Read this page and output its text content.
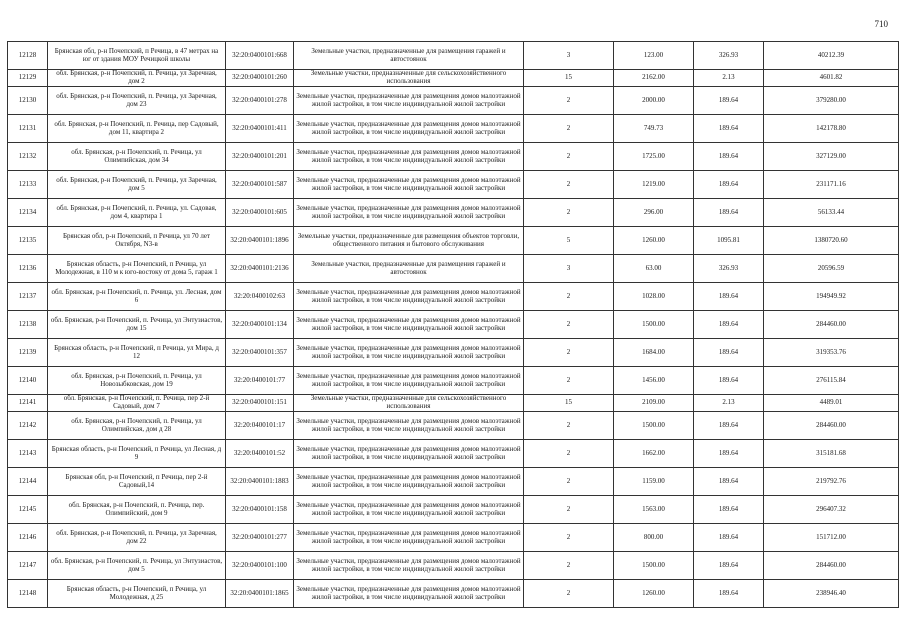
710
12128	Брянская обл, р-н Почепский, п Речица, в 47 метрах на юг от здания МОУ Речицкой школы	32:20:0400101:668	Земельные участки, предназначенные для размещения гаражей и автостоянок	3	123.00	326.93	40212.39
12129	обл. Брянская, р-н Почепский, п. Речица, ул Заречная, дом 2	32:20:0400101:260	Земельные участки, предназначенные для сельскохозяйственного использования	15	2162.00	2.13	4601.82
12130	обл. Брянская, р-н Почепский, п. Речица, ул Заречная, дом 23	32:20:0400101:278	Земельные участки, предназначенные для размещения домов малоэтажной жилой застройки, в том числе индивидуальной жилой застройки	2	2000.00	189.64	379280.00
12131	обл. Брянская, р-н Почепский, п. Речица, пер Садовый, дом 11, квартира 2	32:20:0400101:411	Земельные участки, предназначенные для размещения домов малоэтажной жилой застройки, в том числе индивидуальной жилой застройки	2	749.73	189.64	142178.80
12132	обл. Брянская, р-н Почепский, п. Речица, ул Олимпийская, дом 34	32:20:0400101:201	Земельные участки, предназначенные для размещения домов малоэтажной жилой застройки, в том числе индивидуальной жилой застройки	2	1725.00	189.64	327129.00
12133	обл. Брянская, р-н Почепский, п. Речица, ул Заречная, дом 5	32:20:0400101:587	Земельные участки, предназначенные для размещения домов малоэтажной жилой застройки, в том числе индивидуальной жилой застройки	2	1219.00	189.64	231171.16
12134	обл. Брянская, р-н Почепский, п. Речица, ул. Садовая, дом 4, квартира 1	32:20:0400101:605	Земельные участки, предназначенные для размещения домов малоэтажной жилой застройки, в том числе индивидуальной жилой застройки	2	296.00	189.64	56133.44
12135	Брянская обл, р-н Почепский, п Речица, ул 70 лет Октября, N3-в	32:20:0400101:1896	Земельные участки, предназначенные для размещения объектов торговли, общественного питания и бытового обслуживания	5	1260.00	1095.81	1380720.60
12136	Брянская область, р-н Почепский, п Речица, ул Молодежная, в 110 м к юго-востоку от дома 5, гараж 1	32:20:0400101:2136	Земельные участки, предназначенные для размещения гаражей и автостоянок	3	63.00	326.93	20596.59
12137	обл. Брянская, р-н Почепский, п. Речица, ул. Лесная, дом 6	32:20:0400102:63	Земельные участки, предназначенные для размещения домов малоэтажной жилой застройки, в том числе индивидуальной жилой застройки	2	1028.00	189.64	194949.92
12138	обл. Брянская, р-н Почепский, п. Речица, ул Энтузиастов, дом 15	32:20:0400101:134	Земельные участки, предназначенные для размещения домов малоэтажной жилой застройки, в том числе индивидуальной жилой застройки	2	1500.00	189.64	284460.00
12139	Брянская область, р-н Почепский, п Речица, ул Мира, д 12	32:20:0400101:357	Земельные участки, предназначенные для размещения домов малоэтажной жилой застройки, в том числе индивидуальной жилой застройки	2	1684.00	189.64	319353.76
12140	обл. Брянская, р-н Почепский, п. Речица, ул Новозыбковская, дом 19	32:20:0400101:77	Земельные участки, предназначенные для размещения домов малоэтажной жилой застройки, в том числе индивидуальной жилой застройки	2	1456.00	189.64	276115.84
12141	обл. Брянская, р-н Почепский, п. Речица, пер 2-й Садовый, дом 7	32:20:0400101:151	Земельные участки, предназначенные для сельскохозяйственного использования	15	2109.00	2.13	4489.01
12142	обл. Брянская, р-н Почепский, п. Речица, ул Олимпийская, дом д 28	32:20:0400101:17	Земельные участки, предназначенные для размещения домов малоэтажной жилой застройки, в том числе индивидуальной жилой застройки	2	1500.00	189.64	284460.00
12143	Брянская область, р-н Почепский, п Речица, ул Лесная, д 9	32:20:0400101:52	Земельные участки, предназначенные для размещения домов малоэтажной жилой застройки, в том числе индивидуальной жилой застройки	2	1662.00	189.64	315181.68
12144	Брянская обл, р-н Почепский, п Речица, пер 2-й Садовый,14	32:20:0400101:1883	Земельные участки, предназначенные для размещения домов малоэтажной жилой застройки, в том числе индивидуальной жилой застройки	2	1159.00	189.64	219792.76
12145	обл. Брянская, р-н Почепский, п. Речица, пер. Олимпийский, дом 9	32:20:0400101:158	Земельные участки, предназначенные для размещения домов малоэтажной жилой застройки, в том числе индивидуальной жилой застройки	2	1563.00	189.64	296407.32
12146	обл. Брянская, р-н Почепский, п. Речица, ул Заречная, дом 22	32:20:0400101:277	Земельные участки, предназначенные для размещения домов малоэтажной жилой застройки, в том числе индивидуальной жилой застройки	2	800.00	189.64	151712.00
12147	обл. Брянская, р-н Почепский, п. Речица, ул Энтузиастов, дом 5	32:20:0400101:100	Земельные участки, предназначенные для размещения домов малоэтажной жилой застройки, в том числе индивидуальной жилой застройки	2	1500.00	189.64	284460.00
12148	Брянская область, р-н Почепский, п Речица, ул Молодежная, д 25	32:20:0400101:1865	Земельные участки, предназначенные для размещения домов малоэтажной жилой застройки, в том числе индивидуальной жилой застройки	2	1260.00	189.64	238946.40
